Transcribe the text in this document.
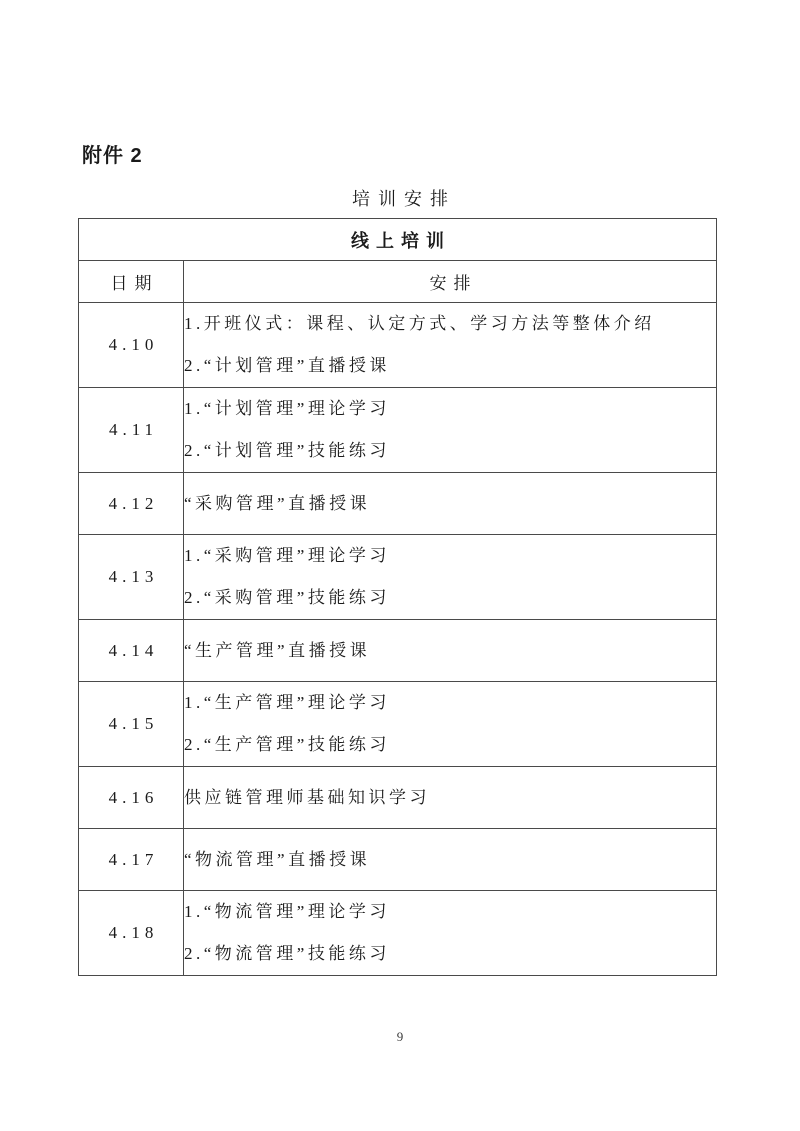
附件 2
培训安排
线上培训	
日期	安排
4.10	1.开班仪式：课程、认定方式、学习方法等整体介绍
2.“计划管理”直播授课

4.11	1.“计划管理”理论学习
2.“计划管理”技能练习

4.12	“采购管理”直播授课

4.13	1.“采购管理”理论学习
2.“采购管理”技能练习

4.14	“生产管理”直播授课

4.15	1.“生产管理”理论学习
2.“生产管理”技能练习

4.16	供应链管理师基础知识学习

4.17	“物流管理”直播授课

4.18	1.“物流管理”理论学习
2.“物流管理”技能练习
9
